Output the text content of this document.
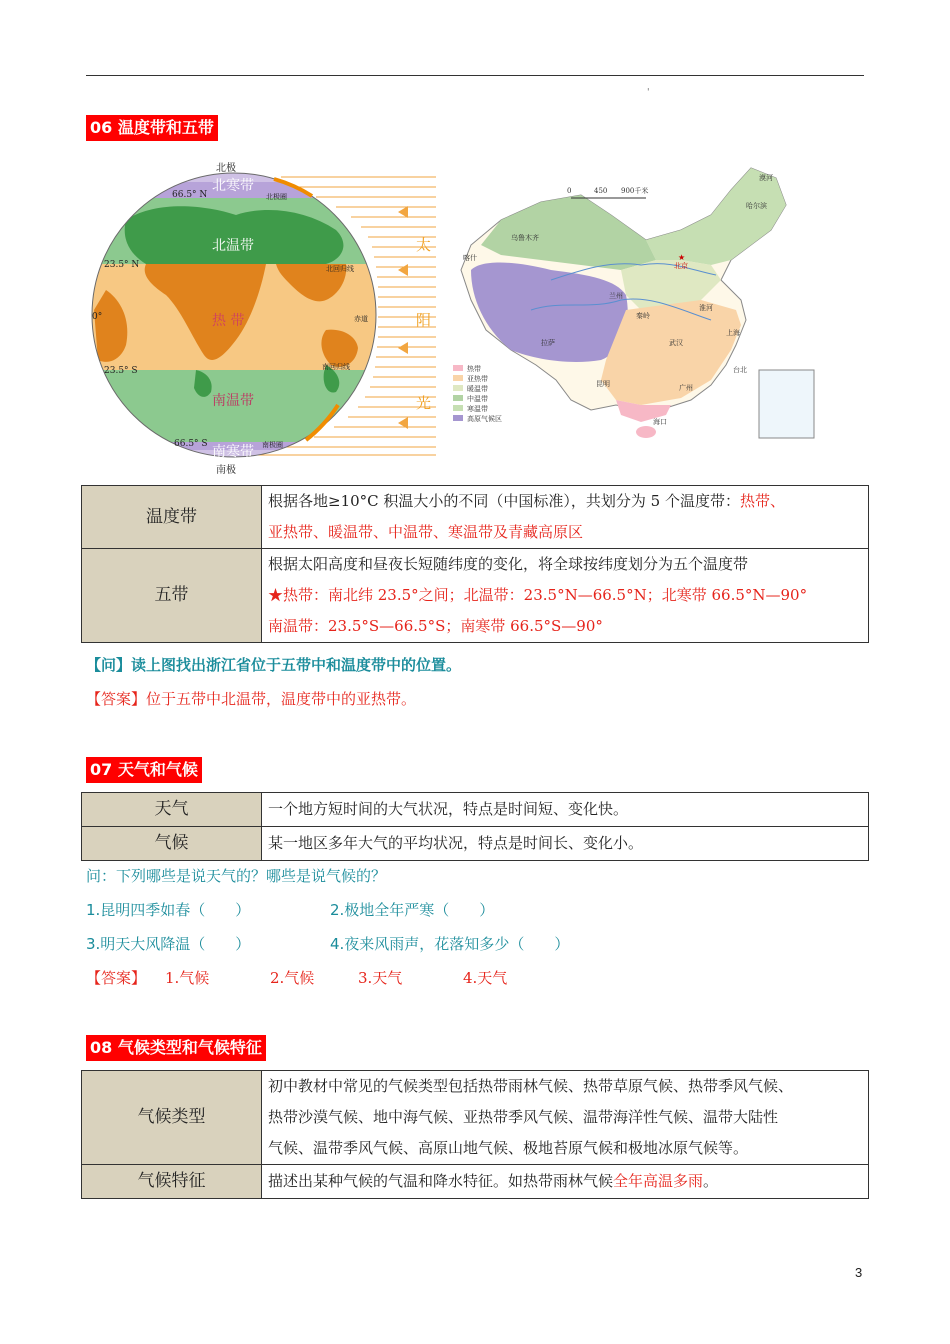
'
06 温度带和五带
北极
南极
66.5° N
23.5° N
0°
23.5° S
66.5° S
北极圈
北回归线
赤道
南回归线
南极圈
北寒带
北温带
热 带
南温带
南寒带
太
阳
光
0	450 900千米
乌鲁木齐
喀什
哈尔滨
漠河
北京
兰州
秦岭
淮河
上海
拉萨	武汉
台北
昆明	广州
海口
★
热带
亚热带
暖温带
中温带
寒温带
高原气候区
温度带	根据各地≥10°C 积温大小的不同（中国标准），共划分为 5 个温度带：热带、
亚热带、暖温带、中温带、寒温带及青藏高原区

五带	根据太阳高度和昼夜长短随纬度的变化，将全球按纬度划分为五个温度带
★热带：南北纬 23.5°之间；北温带：23.5°N—66.5°N；北寒带 66.5°N—90°
南温带：23.5°S—66.5°S；南寒带 66.5°S—90°
【问】读上图找出浙江省位于五带中和温度带中的位置。
【答案】位于五带中北温带，温度带中的亚热带。
07 天气和气候
天气	一个地方短时间的大气状况，特点是时间短、变化快。
气候	某一地区多年大气的平均状况，特点是时间长、变化小。
问：下列哪些是说天气的？哪些是说气候的？
1.昆明四季如春（　　）	2.极地全年严寒（　　）
3.明天大风降温（　　）	4.夜来风雨声，花落知多少（　　）
【答案】 1.气候	2.气候	3.天气	4.天气
08 气候类型和气候特征
气候类型	初中教材中常见的气候类型包括热带雨林气候、热带草原气候、热带季风气候、
热带沙漠气候、地中海气候、亚热带季风气候、温带海洋性气候、温带大陆性
气候、温带季风气候、高原山地气候、极地苔原气候和极地冰原气候等。

气候特征	描述出某种气候的气温和降水特征。如热带雨林气候全年高温多雨。
3
